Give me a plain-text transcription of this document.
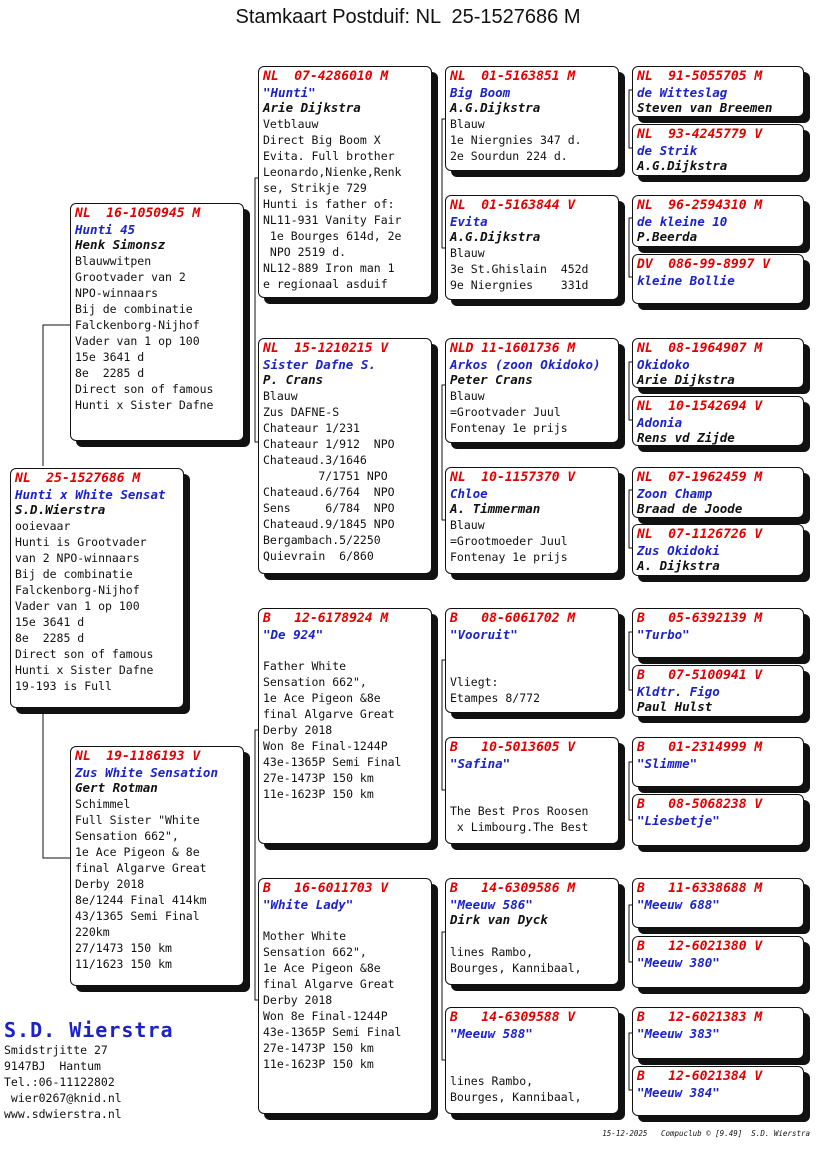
Stamkaart Postduif: NL  25-1527686 M
NL  25-1527686 M
Hunti x White Sensat
S.D.Wierstra
ooievaar
Hunti is Grootvader
van 2 NPO-winnaars
Bij de combinatie
Falckenborg-Nijhof
Vader van 1 op 100
15e 3641 d
8e  2285 d
Direct son of famous
Hunti x Sister Dafne
19-193 is Full
NL  16-1050945 M
Hunti 45
Henk Simonsz
Blauwwitpen
Grootvader van 2
NPO-winnaars
Bij de combinatie
Falckenborg-Nijhof
Vader van 1 op 100
15e 3641 d
8e  2285 d
Direct son of famous
Hunti x Sister Dafne
NL  19-1186193 V
Zus White Sensation
Gert Rotman
Schimmel
Full Sister "White
Sensation 662",
1e Ace Pigeon & 8e
final Algarve Great
Derby 2018
8e/1244 Final 414km
43/1365 Semi Final
220km
27/1473 150 km
11/1623 150 km
NL  07-4286010 M
"Hunti"
Arie Dijkstra
Vetblauw
Direct Big Boom X
Evita. Full brother
Leonardo,Nienke,Renk
se, Strikje 729
Hunti is father of:
NL11-931 Vanity Fair
1e Bourges 614d, 2e
NPO 2519 d.
NL12-889 Iron man 1
e regionaal asduif
NL  15-1210215 V
Sister Dafne S.
P. Crans
Blauw
Zus DAFNE-S
Chateaur 1/231
Chateaur 1/912  NPO
Chateaud.3/1646
7/1751 NPO
Chateaud.6/764  NPO
Sens     6/784  NPO
Chateaud.9/1845 NPO
Bergambach.5/2250
Quievrain  6/860
B   12-6178924 M
"De 924"

Father White
Sensation 662",
1e Ace Pigeon &8e
final Algarve Great
Derby 2018
Won 8e Final-1244P
43e-1365P Semi Final
27e-1473P 150 km
11e-1623P 150 km
B   16-6011703 V
"White Lady"

Mother White
Sensation 662",
1e Ace Pigeon &8e
final Algarve Great
Derby 2018
Won 8e Final-1244P
43e-1365P Semi Final
27e-1473P 150 km
11e-1623P 150 km
NL  01-5163851 M
Big Boom
A.G.Dijkstra
Blauw
1e Niergnies 347 d.
2e Sourdun 224 d.
NL  01-5163844 V
Evita
A.G.Dijkstra
Blauw
3e St.Ghislain  452d
9e Niergnies    331d
NLD 11-1601736 M
Arkos (zoon Okidoko)
Peter Crans
Blauw
=Grootvader Juul
Fontenay 1e prijs
NL  10-1157370 V
Chloe
A. Timmerman
Blauw
=Grootmoeder Juul
Fontenay 1e prijs
B   08-6061702 M
"Vooruit"

Vliegt:
Etampes 8/772
B   10-5013605 V
"Safina"

The Best Pros Roosen
x Limbourg.The Best
B   14-6309586 M
"Meeuw 586"
Dirk van Dyck

lines Rambo,
Bourges, Kannibaal,
B   14-6309588 V
"Meeuw 588"

lines Rambo,
Bourges, Kannibaal,
NL  91-5055705 M
de Witteslag
Steven van Breemen
NL  93-4245779 V
de Strik
A.G.Dijkstra
NL  96-2594310 M
de kleine 10
P.Beerda
DV  086-99-8997 V
kleine Bollie
NL  08-1964907 M
Okidoko
Arie Dijkstra
NL  10-1542694 V
Adonia
Rens vd Zijde
NL  07-1962459 M
Zoon Champ
Braad de Joode
NL  07-1126726 V
Zus Okidoki
A. Dijkstra
B   05-6392139 M
"Turbo"
B   07-5100941 V
Kldtr. Figo
Paul Hulst
B   01-2314999 M
"Slimme"
B   08-5068238 V
"Liesbetje"
B   11-6338688 M
"Meeuw 688"
B   12-6021380 V
"Meeuw 380"
B   12-6021383 M
"Meeuw 383"
B   12-6021384 V
"Meeuw 384"
S.D. Wierstra
Smidstrjitte 27
9147BJ  Hantum
Tel.:06-11122802
wier0267@knid.nl
www.sdwierstra.nl
15-12-2025   Compuclub © [9.49]  S.D. Wierstra
